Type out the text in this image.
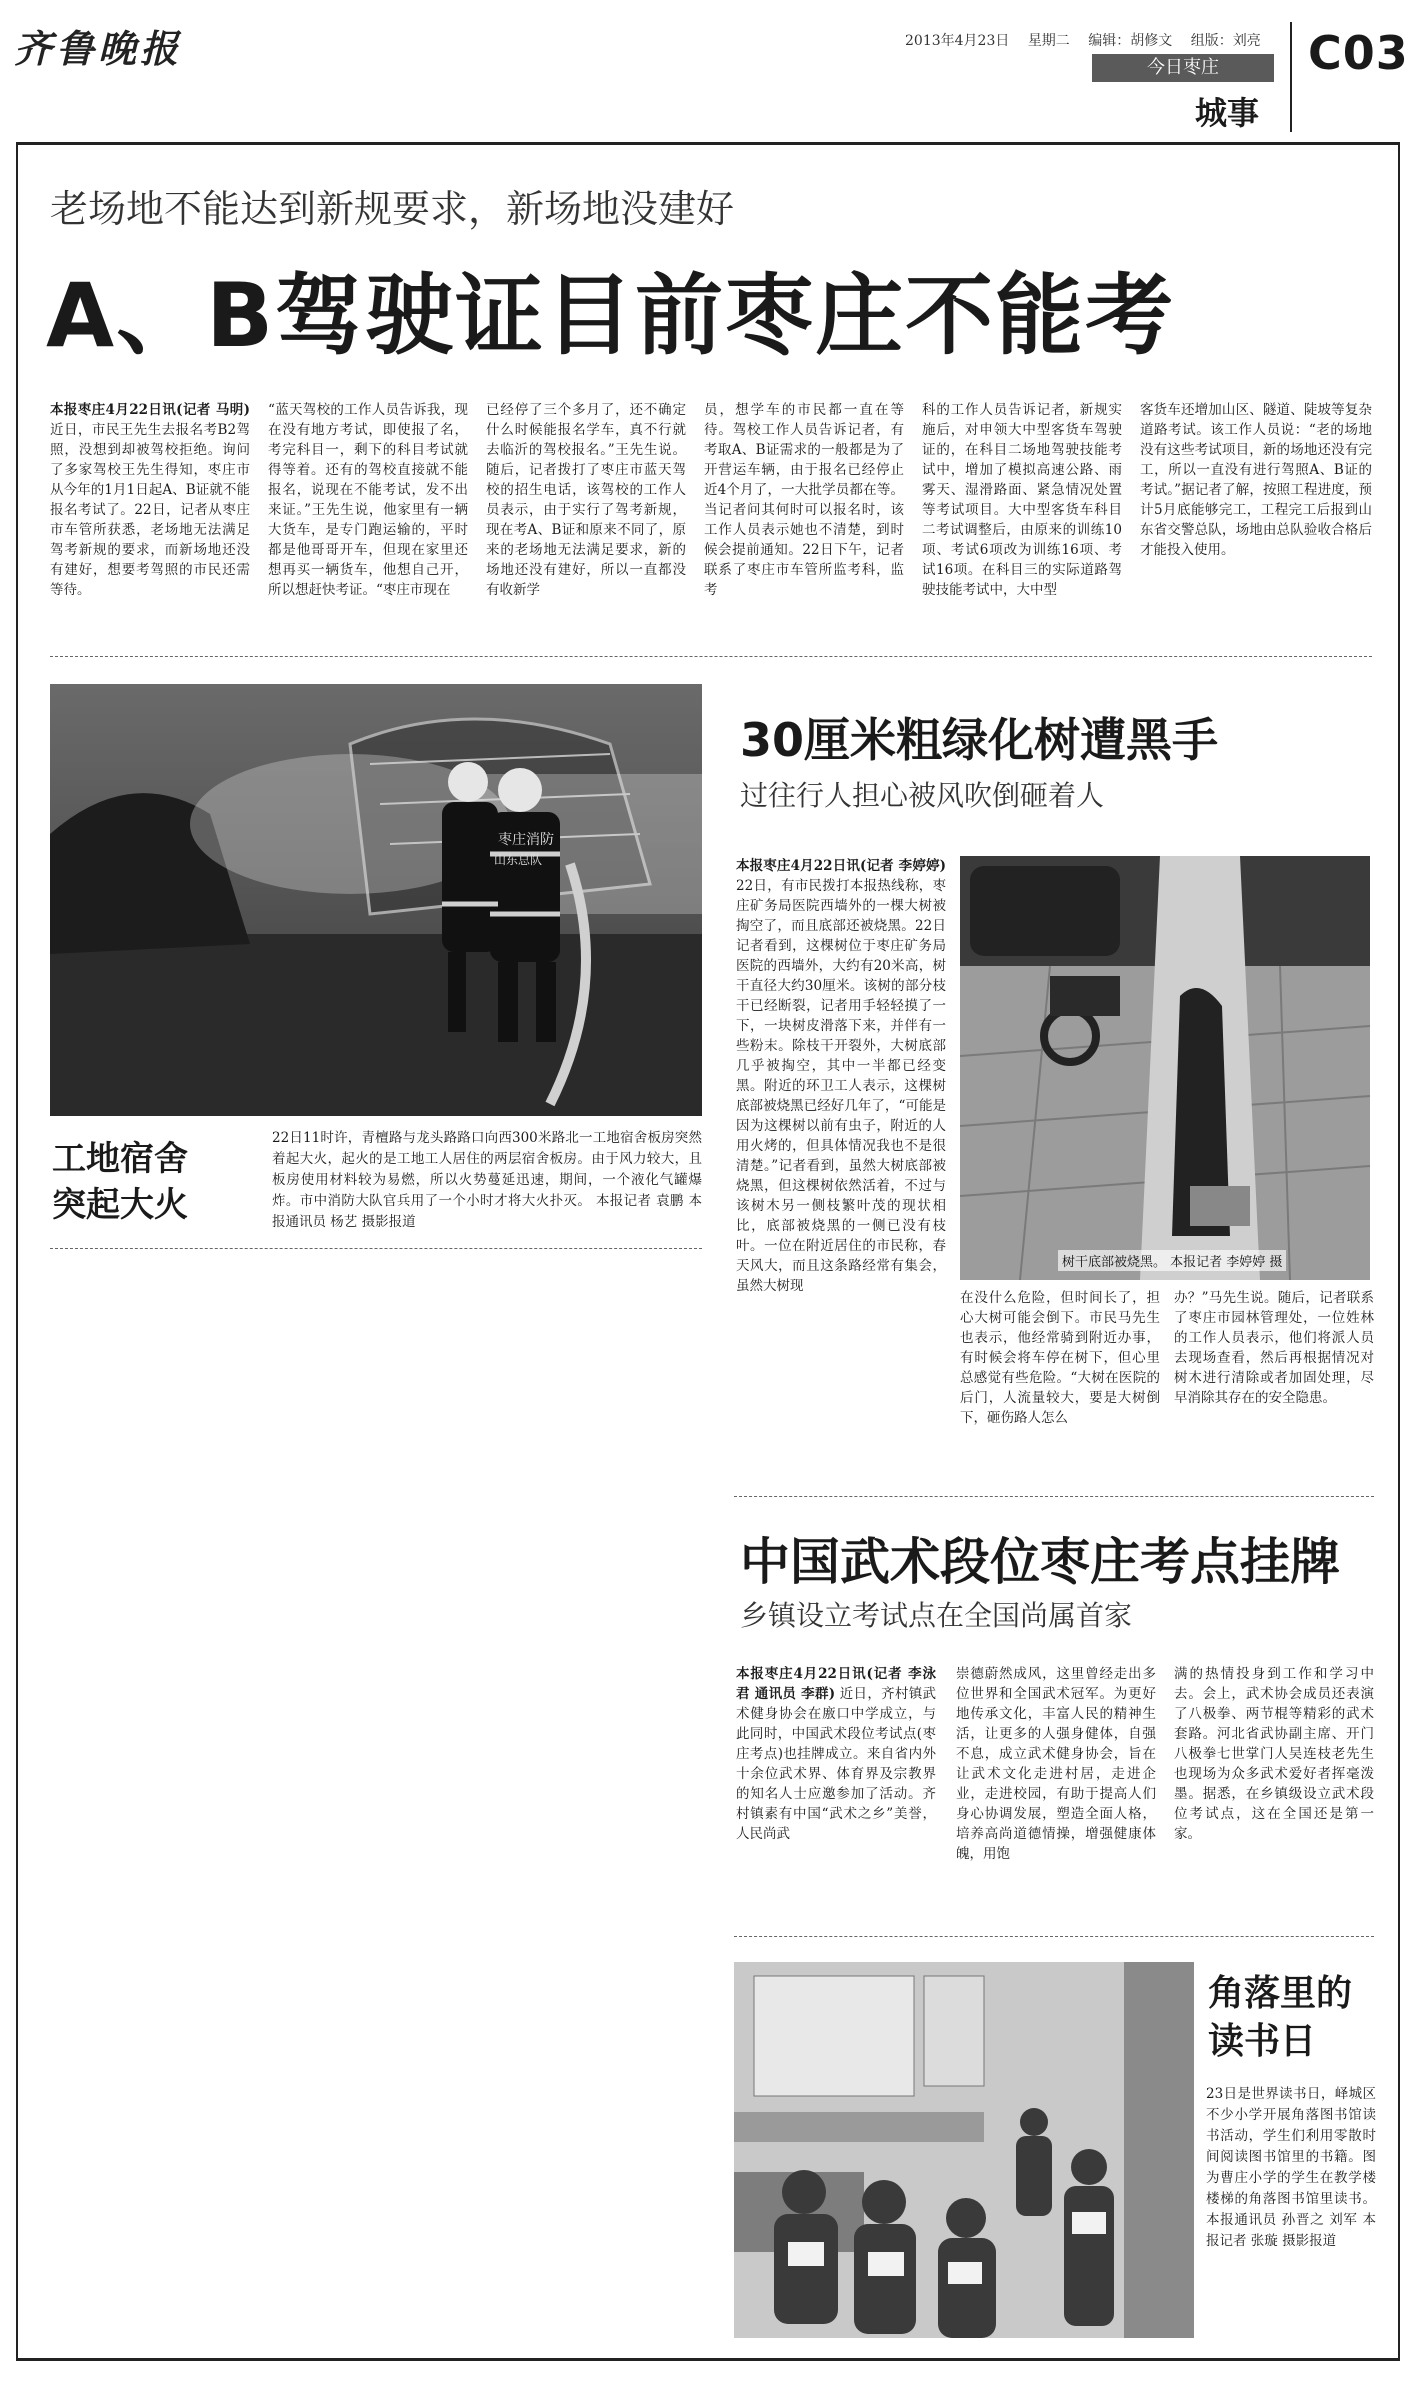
齐鲁晚报	2013年4月23日 星期二 编辑：胡修文 组版：刘亮
今日枣庄
城事
C03
老场地不能达到新规要求，新场地没建好
A、B驾驶证目前枣庄不能考
本报枣庄4月22日讯(记者 马明) 近日，市民王先生去报名考B2驾照，没想到却被驾校拒绝。询问了多家驾校王先生得知，枣庄市从今年的1月1日起A、B证就不能报名考试了。22日，记者从枣庄市车管所获悉，老场地无法满足驾考新规的要求，而新场地还没有建好，想要考驾照的市民还需等待。
“蓝天驾校的工作人员告诉我，现在没有地方考试，即使报了名，考完科目一，剩下的科目考试就得等着。还有的驾校直接就不能报名，说现在不能考试，发不出来证。”王先生说，他家里有一辆大货车，是专门跑运输的，平时都是他哥哥开车，但现在家里还想再买一辆货车，他想自己开，所以想赶快考证。“枣庄市现在
已经停了三个多月了，还不确定什么时候能报名学车，真不行就去临沂的驾校报名。”王先生说。随后，记者拨打了枣庄市蓝天驾校的招生电话，该驾校的工作人员表示，由于实行了驾考新规，现在考A、B证和原来不同了，原来的老场地无法满足要求，新的场地还没有建好，所以一直都没有收新学
员，想学车的市民都一直在等待。驾校工作人员告诉记者，有考取A、B证需求的一般都是为了开营运车辆，由于报名已经停止近4个月了，一大批学员都在等。当记者问其何时可以报名时，该工作人员表示她也不清楚，到时候会提前通知。22日下午，记者联系了枣庄市车管所监考科，监考
科的工作人员告诉记者，新规实施后，对申领大中型客货车驾驶证的，在科目二场地驾驶技能考试中，增加了模拟高速公路、雨雾天、湿滑路面、紧急情况处置等考试项目。大中型客货车科目二考试调整后，由原来的训练10项、考试6项改为训练16项、考试16项。在科目三的实际道路驾驶技能考试中，大中型
客货车还增加山区、隧道、陡坡等复杂道路考试。该工作人员说：“老的场地没有这些考试项目，新的场地还没有完工，所以一直没有进行驾照A、B证的考试。”据记者了解，按照工程进度，预计5月底能够完工，工程完工后报到山东省交警总队，场地由总队验收合格后才能投入使用。
枣庄消防
山东总队
工地宿舍
突起大火
22日11时许，青檀路与龙头路路口向西300米路北一工地宿舍板房突然着起大火，起火的是工地工人居住的两层宿舍板房。由于风力较大，且板房使用材料较为易燃，所以火势蔓延迅速，期间，一个液化气罐爆炸。市中消防大队官兵用了一个小时才将大火扑灭。 本报记者 袁鹏 本报通讯员 杨艺 摄影报道
30厘米粗绿化树遭黑手
过往行人担心被风吹倒砸着人
本报枣庄4月22日讯(记者 李婷婷) 22日，有市民拨打本报热线称，枣庄矿务局医院西墙外的一棵大树被掏空了，而且底部还被烧黑。22日记者看到，这棵树位于枣庄矿务局医院的西墙外，大约有20米高，树干直径大约30厘米。该树的部分枝干已经断裂，记者用手轻轻摸了一下，一块树皮滑落下来，并伴有一些粉末。除枝干开裂外，大树底部几乎被掏空，其中一半都已经变黑。附近的环卫工人表示，这棵树底部被烧黑已经好几年了，“可能是因为这棵树以前有虫子，附近的人用火烤的，但具体情况我也不是很清楚。”记者看到，虽然大树底部被烧黑，但这棵树依然活着，不过与该树木另一侧枝繁叶茂的现状相比，底部被烧黑的一侧已没有枝叶。一位在附近居住的市民称，春天风大，而且这条路经常有集会，虽然大树现
树干底部被烧黑。 本报记者 李婷婷 摄
在没什么危险，但时间长了，担心大树可能会倒下。市民马先生也表示，他经常骑到附近办事，有时候会将车停在树下，但心里总感觉有些危险。“大树在医院的后门，人流量较大，要是大树倒下，砸伤路人怎么
办？”马先生说。随后，记者联系了枣庄市园林管理处，一位姓林的工作人员表示，他们将派人员去现场查看，然后再根据情况对树木进行清除或者加固处理，尽早消除其存在的安全隐患。
中国武术段位枣庄考点挂牌
乡镇设立考试点在全国尚属首家
本报枣庄4月22日讯(记者 李泳君 通讯员 李群) 近日，齐村镇武术健身协会在廒口中学成立，与此同时，中国武术段位考试点(枣庄考点)也挂牌成立。来自省内外十余位武术界、体育界及宗教界的知名人士应邀参加了活动。齐村镇素有中国“武术之乡”美誉，人民尚武
崇德蔚然成风，这里曾经走出多位世界和全国武术冠军。为更好地传承文化，丰富人民的精神生活，让更多的人强身健体，自强不息，成立武术健身协会，旨在让武术文化走进村居，走进企业，走进校园，有助于提高人们身心协调发展，塑造全面人格，培养高尚道德情操，增强健康体魄，用饱
满的热情投身到工作和学习中去。会上，武术协会成员还表演了八极拳、两节棍等精彩的武术套路。河北省武协副主席、开门八极拳七世掌门人吴连枝老先生也现场为众多武术爱好者挥毫泼墨。据悉，在乡镇级设立武术段位考试点，这在全国还是第一家。
角落里的
读书日
23日是世界读书日，峄城区不少小学开展角落图书馆读书活动，学生们利用零散时间阅读图书馆里的书籍。图为曹庄小学的学生在教学楼楼梯的角落图书馆里读书。 本报通讯员 孙晋之 刘军 本报记者 张璇 摄影报道
